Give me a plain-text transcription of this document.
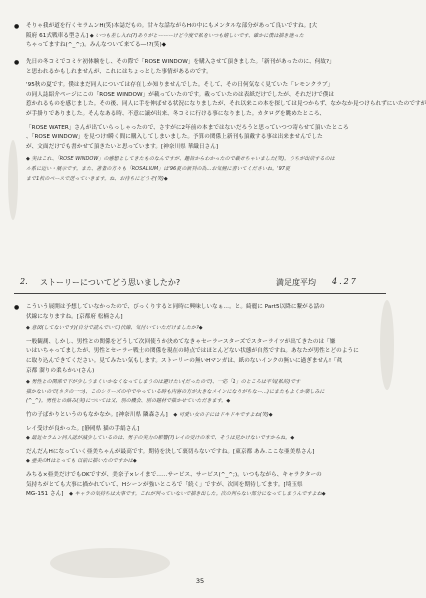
● そりゃ我が道を行くセラムンH(笑)本誌だもの。甘々な話ながらHの中にもメンタルな部分があって良いですね。[大
阪府 61式戦車る型さん] ◆ いつも差し入れ(?)ありがとーーーけど今度で私をいつも嬉しいです、確かに僕は描き迷った
ちゃってますね(^_^;)。みんなついて来てる―!?(笑)◆
● 先日の冬コミでコミケ初体験をし、その際で「ROSE WINDOW」を購入させて頂きました。「新刊があったのに、何故?」
と思われるかもしれませんが、これにはちょっとした事情があるのです。
'95秋の夏です。僕はまだ同人については存在しか知りませんでした。そして、その日何気なく見ていた「レモンクラブ」
の同人誌紹介ページにこの「ROSE WINDOW」が載っていたのです。載っていたのは表紙だけでしたが、それだけで僕は
惹かれるものを感じました。その後、同人に手を伸ばせる状況になりましたが、それ以来この本を探しては見つからず、なかなか見つけられずにいたのですが
が手掛りでありました。そんなある時、不意に譲が出来、冬コミに行ける事になりました。カタログを眺めたところ、
「ROSE WATER」さんが出ていらっしゃったので、さすがに2年前の本まではないだろうと思っていつつ寄らせて頂いたところ
、「ROSE WINDOW」を見つけ!瞬く間に購入してしまいました。予算の関係上新刊も頂戴する事は出来ませんでした
が、文面だけでも書かせて頂きたいと思っています。[神奈川県 華織日さん]
◆ 実はこれ、「ROSE WINDOW」の感想としてきたものなんですが、趣旨からわかったので載せちゃいました(笑)。うちが出店するのは
ル系に近い・展示です。また、著者の方々も「ROSALIUM」は'96夏の新刊の為...お気軽に書いてくださいね。'97夏
まで1枚のペースで送っていきます。ね、お待ちにどうぞ(笑)◆
2. ストーリーについてどう思いましたか?	満足度平均 4.27
● こういう展開は予想していなかったので、びっくりすると同時に興味しいなぁ…。と。綺麗に Part5以降に繋がる話の
伏線になりますね。[京都府 松楠さん]
◆ 意図(してないです)(自分で読んでいて)伏線、気付いていただけましたか?◆
一般観測、しかし、男性との関係をどうして次回使うか決めてなきゃセーラースターズでスターライツが出てきたのは「嫌
いはいちゃってましたが、男性とセーラー戦士の関係を現在の時点ではほとんどない状態が自然ですね。あなたが男性とどのように
に取り込んできてください。見てみたい気もします。ストーリーの無いHマンガは、紙のないインクの無いに過ぎません!「眞
京都 溜りの柔らかい(さん)
◆ 男性との関係で下が少しうまくいかなくなってしまうのは避けたい(だったので)、一応「1」のところは平気(私的)です
描かないので(ネタの一つ)、このシリーズの中でやっている時も内容の方が大きなメインになりがちなー…)にまたもよくか楽しみに
(^_^)。男性との絡み(実)については又、別の機会、別の題材で描かせていただきます。◆
竹の子ばかりというのもなかなか。[神奈川県 隣森さん]　 ◆ 可愛い女の子にはドキドキですよね(笑)◆
レイ受けが良かった。[静岡県 猫の手絹さん]
◆ 最近セラムン同人誌が減少しているのは、男子の実力の影響(?)レイの受けの本で、そうは見かけないですからね。◆
だんだんHになっていく亜美ちゃんが最高です。期待を決して裏切らないですね。[東京都 あみ.ここな亜美県さん]
◆ 亜美のHはとっても 以前に描いたのですかは◆
みちる×亜美だけでもOKですが、美奈子×レイまで……サービス、サービス(^_^;)。いつもながら、キャラクターの
気持ちがとても大事に描かれていて、Hシーンが強いところで「続く」ですが、次回を期待してます。[埼玉県
MG-151 さん]　 ◆ キャラの気持ちは大事です。これが判っていないで描き出した。次の判らない部分になってしまうんですよね◆
35
